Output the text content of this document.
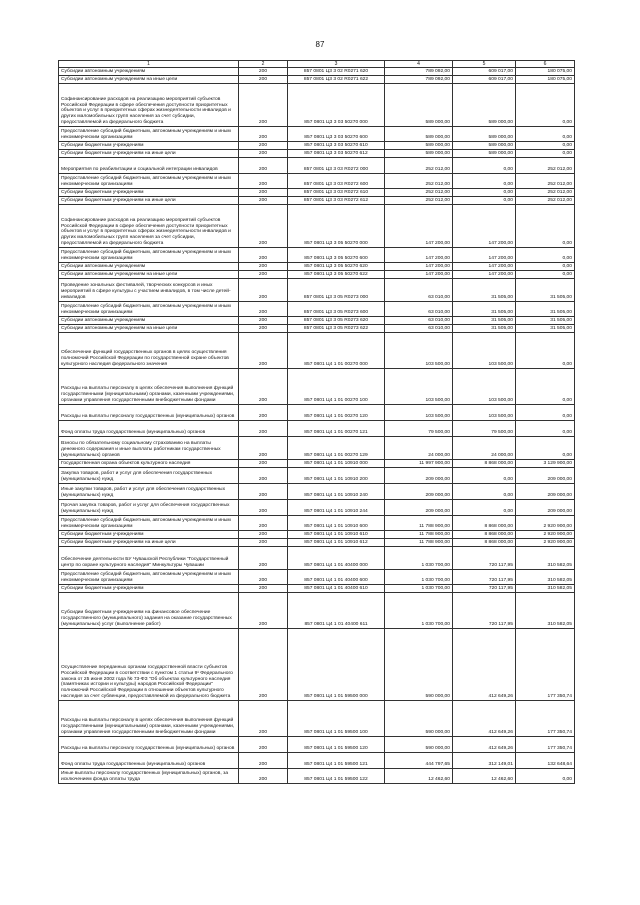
87
1	2	3	4	5	6
Субсидии автономным учреждениям	200	857 0801 Ц3 3 02 R0271 620	789 092,00	609 017,00	180 075,00
Субсидии автономным учреждениям на иные цели	200	857 0801 Ц3 3 02 R0271 622	789 092,00	609 017,00	180 075,00
Софинансирование расходов на реализацию мероприятий субъектов Российской Федерации в сфере обеспечения доступности приоритетных объектов и услуг в приоритетных сферах жизнедеятельности инвалидов и других маломобильных групп населения за счет субсидии, предоставляемой из федерального бюджета	200	857 0801 Ц3 3 03 50270 000	589 000,00	589 000,00	0,00
Предоставление субсидий бюджетным, автономным учреждениям и иным некоммерческим организациям	200	857 0801 Ц3 3 03 50270 600	589 000,00	589 000,00	0,00
Субсидии бюджетным учреждениям	200	857 0801 Ц3 3 03 50270 610	589 000,00	589 000,00	0,00
Субсидии бюджетным учреждениям на иные цели	200	857 0801 Ц3 3 03 50270 612	589 000,00	589 000,00	0,00
Мероприятия по реабилитации и социальной интеграции инвалидов	200	857 0801 Ц3 3 03 R0272 000	252 012,00	0,00	252 012,00
Предоставление субсидий бюджетным, автономным учреждениям и иным некоммерческим организациям	200	857 0801 Ц3 3 03 R0272 600	252 012,00	0,00	252 012,00
Субсидии бюджетным учреждениям	200	857 0801 Ц3 3 03 R0272 610	252 012,00	0,00	252 012,00
Субсидии бюджетным учреждениям на иные цели	200	857 0801 Ц3 3 03 R0272 612	252 012,00	0,00	252 012,00
Софинансирование расходов на реализацию мероприятий субъектов Российской Федерации в сфере обеспечения доступности приоритетных объектов и услуг в приоритетных сферах жизнедеятельности инвалидов и других маломобильных групп населения за счет субсидии, предоставляемой из федерального бюджета	200	857 0801 Ц3 3 05 50270 000	147 200,00	147 200,00	0,00
Предоставление субсидий бюджетным, автономным учреждениям и иным некоммерческим организациям	200	857 0801 Ц3 3 05 50270 600	147 200,00	147 200,00	0,00
Субсидии автономным учреждениям	200	857 0801 Ц3 3 05 50270 620	147 200,00	147 200,00	0,00
Субсидии автономным учреждениям на иные цели	200	857 0801 Ц3 3 05 50270 622	147 200,00	147 200,00	0,00
Проведение зональных фестивалей, творческих конкурсов и иных мероприятий в сфере культуры с участием инвалидов, в том числе детей-инвалидов	200	857 0801 Ц3 3 05 R0273 000	63 010,00	31 505,00	31 505,00
Предоставление субсидий бюджетным, автономным учреждениям и иным некоммерческим организациям	200	857 0801 Ц3 3 05 R0273 600	63 010,00	31 505,00	31 505,00
Субсидии автономным учреждениям	200	857 0801 Ц3 3 05 R0273 620	63 010,00	31 505,00	31 505,00
Субсидии автономным учреждениям на иные цели	200	857 0801 Ц3 3 05 R0273 622	63 010,00	31 505,00	31 505,00
Обеспечение функций государственных органов в целях осуществления полномочий Российской Федерации по государственной охране объектов культурного наследия федерального значения	200	857 0801 Ц4 1 01 00270 000	103 500,00	103 500,00	0,00
Расходы на выплаты персоналу в целях обеспечения выполнения функций государственными (муниципальными) органами, казенными учреждениями, органами управления государственными внебюджетными фондами	200	857 0801 Ц4 1 01 00270 100	103 500,00	103 500,00	0,00
Расходы на выплаты персоналу государственных (муниципальных) органов	200	857 0801 Ц4 1 01 00270 120	103 500,00	103 500,00	0,00
Фонд оплаты труда государственных (муниципальных) органов	200	857 0801 Ц4 1 01 00270 121	79 500,00	79 500,00	0,00
Взносы по обязательному социальному страхованию на выплаты денежного содержания и иные выплаты работникам государственных (муниципальных) органов	200	857 0801 Ц4 1 01 00270 129	24 000,00	24 000,00	0,00
Государственная охрана объектов культурного наследия	200	857 0801 Ц4 1 01 10910 000	11 997 900,00	8 868 000,00	3 129 900,00
Закупка товаров, работ и услуг для обеспечения государственных (муниципальных) нужд	200	857 0801 Ц4 1 01 10910 200	209 000,00	0,00	209 000,00
Иные закупки товаров, работ и услуг для обеспечения государственных (муниципальных) нужд	200	857 0801 Ц4 1 01 10910 240	209 000,00	0,00	209 000,00
Прочая закупка товаров, работ и услуг для обеспечения государственных (муниципальных) нужд	200	857 0801 Ц4 1 01 10910 244	209 000,00	0,00	209 000,00
Предоставление субсидий бюджетным, автономным учреждениям и иным некоммерческим организациям	200	857 0801 Ц4 1 01 10910 600	11 788 900,00	8 868 000,00	2 920 900,00
Субсидии бюджетным учреждениям	200	857 0801 Ц4 1 01 10910 610	11 788 900,00	8 868 000,00	2 920 900,00
Субсидии бюджетным учреждениям на иные цели	200	857 0801 Ц4 1 01 10910 612	11 788 900,00	8 868 000,00	2 920 900,00
Обеспечение деятельности БУ Чувашской Республики "Государственный центр по охране культурного наследия" Минкультуры Чувашии	200	857 0801 Ц4 1 01 40400 000	1 030 700,00	720 117,95	310 582,05
Предоставление субсидий бюджетным, автономным учреждениям и иным некоммерческим организациям	200	857 0801 Ц4 1 01 40400 600	1 030 700,00	720 117,95	310 582,05
Субсидии бюджетным учреждениям	200	857 0801 Ц4 1 01 40400 610	1 030 700,00	720 117,95	310 582,05
Субсидии бюджетным учреждениям на финансовое обеспечение государственного (муниципального) задания на оказание государственных (муниципальных) услуг (выполнение работ)	200	857 0801 Ц4 1 01 40400 611	1 030 700,00	720 117,95	310 582,05
Осуществление переданных органам государственной власти субъектов Российской Федерации в соответствии с пунктом 1 статьи 9¹ Федерального закона от 25 июня 2002 года № 73-ФЗ "Об объектах культурного наследия (памятниках истории и культуры) народов Российской Федерации" полномочий Российской Федерации в отношении объектов культурного наследия за счет субвенции, предоставляемой из федерального бюджета	200	857 0801 Ц4 1 01 59500 000	590 000,00	412 649,26	177 350,74
Расходы на выплаты персоналу в целях обеспечения выполнения функций государственными (муниципальными) органами, казенными учреждениями, органами управления государственными внебюджетными фондами	200	857 0801 Ц4 1 01 59500 100	590 000,00	412 649,26	177 350,74
Расходы на выплаты персоналу государственных (муниципальных) органов	200	857 0801 Ц4 1 01 59500 120	590 000,00	412 649,26	177 350,74
Фонд оплаты труда государственных (муниципальных) органов	200	857 0801 Ц4 1 01 59500 121	444 797,65	312 149,01	132 648,64
Иные выплаты персоналу государственных (муниципальных) органов, за исключением фонда оплаты труда	200	857 0801 Ц4 1 01 59500 122	12 462,60	12 462,60	0,00
